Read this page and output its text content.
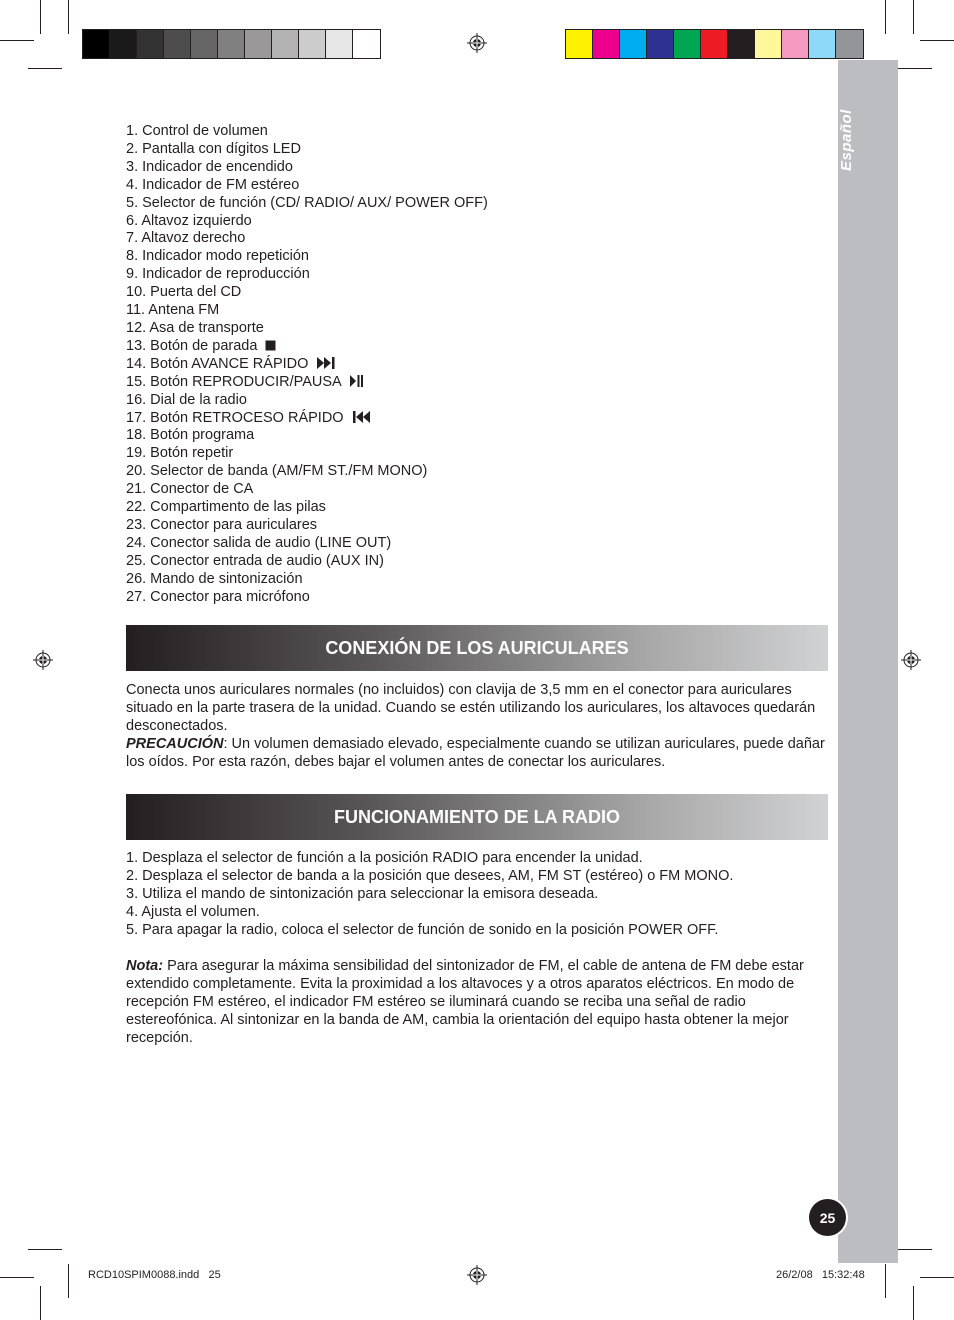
1. Control de volumen
2. Pantalla con dígitos LED
3. Indicador de encendido
4. Indicador de FM estéreo
5. Selector de función (CD/ RADIO/ AUX/ POWER OFF)
6. Altavoz izquierdo
7. Altavoz derecho
8. Indicador modo repetición
9. Indicador de reproducción
10. Puerta del CD
11. Antena FM
12. Asa de transporte
13. Botón de parada
14. Botón AVANCE RÁPIDO
15. Botón REPRODUCIR/PAUSA
16. Dial de la radio
17. Botón RETROCESO RÁPIDO
18. Botón programa
19. Botón repetir
20. Selector de banda (AM/FM ST./FM MONO)
21. Conector de CA
22. Compartimento de las pilas
23. Conector para auriculares
24. Conector salida de audio (LINE OUT)
25. Conector entrada de audio (AUX IN)
26. Mando de sintonización
27. Conector para micrófono
CONEXIÓN DE LOS AURICULARES

Conecta unos auriculares normales (no incluidos) con clavija de 3,5 mm en el conector para auriculares situado en la parte trasera de la unidad. Cuando se estén utilizando los auriculares, los altavoces quedarán desconectados.

PRECAUCIÓN: Un volumen demasiado elevado, especialmente cuando se utilizan auriculares, puede dañar los oídos. Por esta razón, debes bajar el volumen antes de conectar los auriculares.

FUNCIONAMIENTO DE LA RADIO
1. Desplaza el selector de función a la posición RADIO para encender la unidad.
2. Desplaza el selector de banda a la posición que desees, AM, FM ST (estéreo) o FM MONO.
3. Utiliza el mando de sintonización para seleccionar la emisora deseada.
4. Ajusta el volumen.
5. Para apagar la radio, coloca el selector de función de sonido en la posición POWER OFF.

Nota: Para asegurar la máxima sensibilidad del sintonizador de FM, el cable de antena de FM debe estar extendido completamente. Evita la proximidad a los altavoces y a otros aparatos eléctricos. En modo de recepción FM estéreo, el indicador FM estéreo se iluminará cuando se reciba una señal de radio estereofónica. Al sintonizar en la banda de AM, cambia la orientación del equipo hasta obtener la mejor recepción.

25
RCD10SPIM0088.indd   25	26/2/08   15:32:48
